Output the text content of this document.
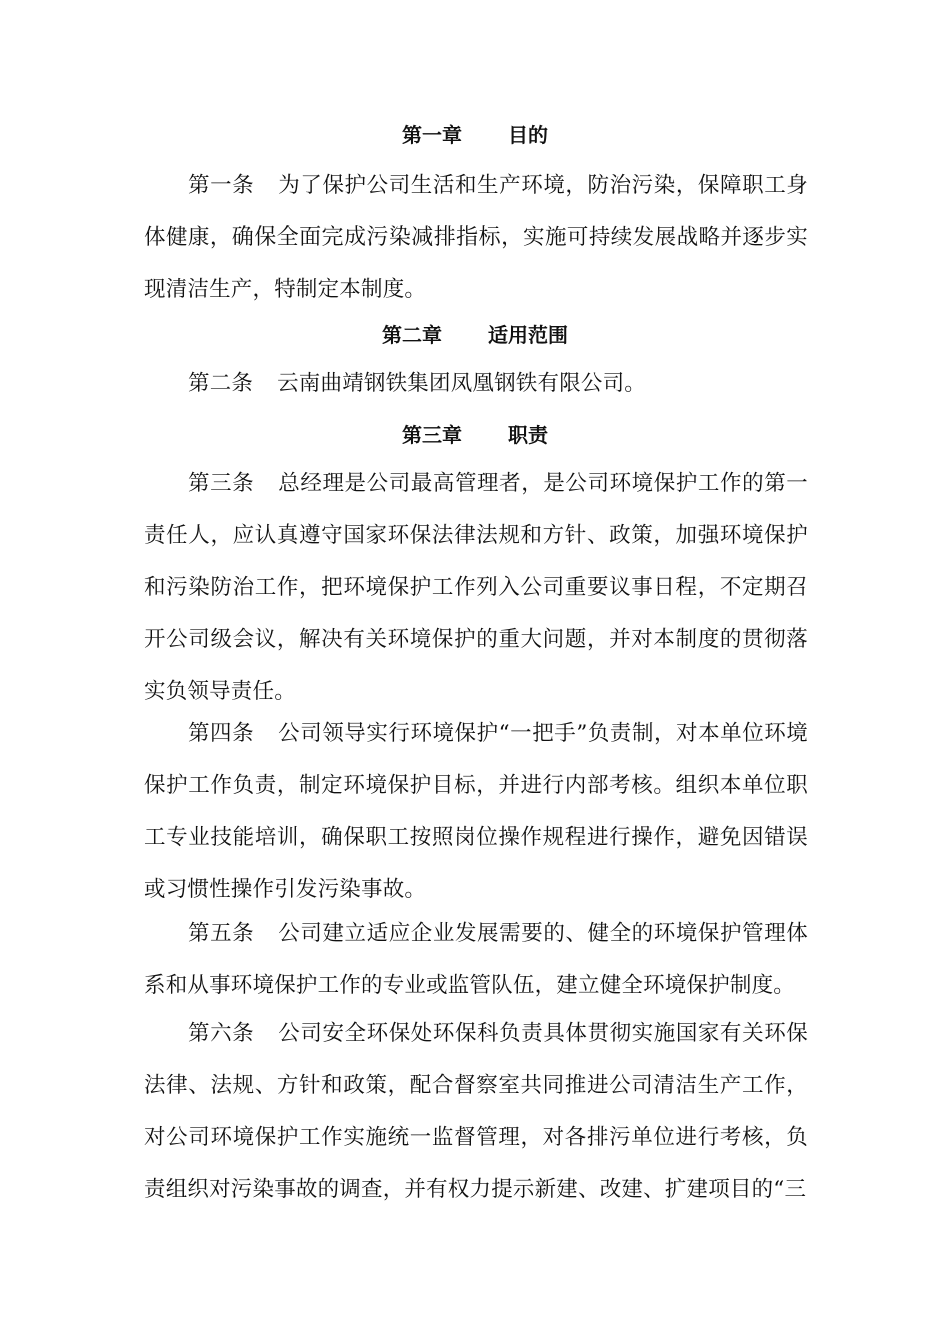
第一章 目的
第一条 为了保护公司生活和生产环境，防治污染，保障职工身体健康，确保全面完成污染减排指标，实施可持续发展战略并逐步实现清洁生产，特制定本制度。
第二章 适用范围
第二条 云南曲靖钢铁集团凤凰钢铁有限公司。
第三章 职责
第三条 总经理是公司最高管理者，是公司环境保护工作的第一责任人，应认真遵守国家环保法律法规和方针、政策，加强环境保护和污染防治工作，把环境保护工作列入公司重要议事日程，不定期召开公司级会议，解决有关环境保护的重大问题，并对本制度的贯彻落实负领导责任。
第四条 公司领导实行环境保护“一把手”负责制，对本单位环境保护工作负责，制定环境保护目标，并进行内部考核。组织本单位职工专业技能培训，确保职工按照岗位操作规程进行操作，避免因错误或习惯性操作引发污染事故。
第五条 公司建立适应企业发展需要的、健全的环境保护管理体系和从事环境保护工作的专业或监管队伍，建立健全环境保护制度。
第六条 公司安全环保处环保科负责具体贯彻实施国家有关环保法律、法规、方针和政策，配合督察室共同推进公司清洁生产工作，对公司环境保护工作实施统一监督管理，对各排污单位进行考核，负责组织对污染事故的调查，并有权力提示新建、改建、扩建项目的“三
